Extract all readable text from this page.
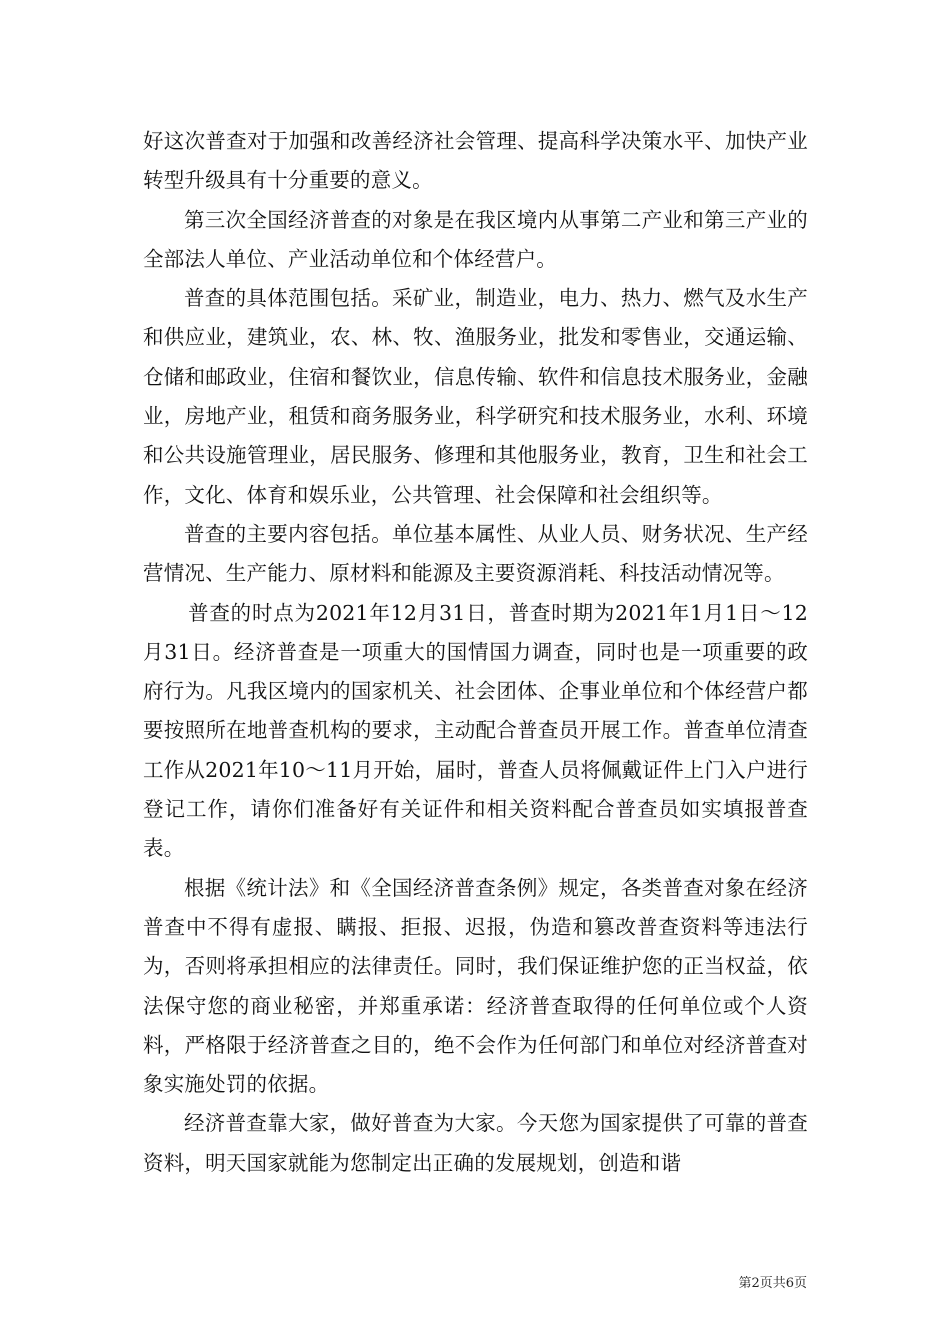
好这次普查对于加强和改善经济社会管理、提高科学决策水平、加快产业转型升级具有十分重要的意义。

第三次全国经济普查的对象是在我区境内从事第二产业和第三产业的全部法人单位、产业活动单位和个体经营户。

普查的具体范围包括。采矿业，制造业，电力、热力、燃气及水生产和供应业，建筑业，农、林、牧、渔服务业，批发和零售业，交通运输、仓储和邮政业，住宿和餐饮业，信息传输、软件和信息技术服务业，金融业，房地产业，租赁和商务服务业，科学研究和技术服务业，水利、环境和公共设施管理业，居民服务、修理和其他服务业，教育，卫生和社会工作，文化、体育和娱乐业，公共管理、社会保障和社会组织等。

普查的主要内容包括。单位基本属性、从业人员、财务状况、生产经营情况、生产能力、原材料和能源及主要资源消耗、科技活动情况等。

普查的时点为2021年12月31日，普查时期为2021年1月1日～12月31日。经济普查是一项重大的国情国力调查，同时也是一项重要的政府行为。凡我区境内的国家机关、社会团体、企事业单位和个体经营户都要按照所在地普查机构的要求，主动配合普查员开展工作。普查单位清查工作从2021年10～11月开始，届时，普查人员将佩戴证件上门入户进行登记工作，请你们准备好有关证件和相关资料配合普查员如实填报普查表。

根据《统计法》和《全国经济普查条例》规定，各类普查对象在经济普查中不得有虚报、瞒报、拒报、迟报，伪造和篡改普查资料等违法行为，否则将承担相应的法律责任。同时，我们保证维护您的正当权益，依法保守您的商业秘密，并郑重承诺：经济普查取得的任何单位或个人资料，严格限于经济普查之目的，绝不会作为任何部门和单位对经济普查对象实施处罚的依据。

经济普查靠大家，做好普查为大家。今天您为国家提供了可靠的普查资料，明天国家就能为您制定出正确的发展规划，创造和谐

第2页共6页
